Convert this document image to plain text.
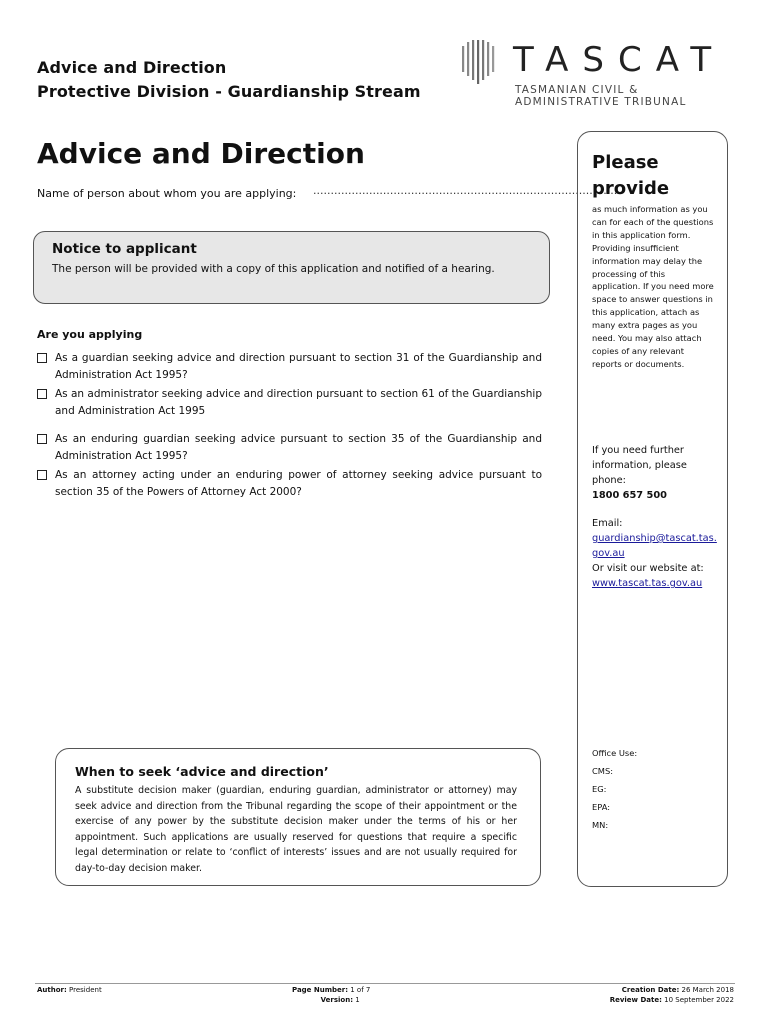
Advice and Direction
Protective Division - Guardianship Stream
TASCAT
TASMANIAN CIVIL &
ADMINISTRATIVE TRIBUNAL
Advice and Direction
Name of person about whom you are applying: ........................................................................................
Notice to applicant
The person will be provided with a copy of this application and notified of a hearing.
Are you applying
As a guardian seeking advice and direction pursuant to section 31 of the Guardianship and Administration Act 1995?
As an administrator seeking advice and direction pursuant to section 61 of the Guardianship and Administration Act 1995
As an enduring guardian seeking advice pursuant to section 35 of the Guardianship and Administration Act 1995?
As an attorney acting under an enduring power of attorney seeking advice pursuant to section 35 of the Powers of Attorney Act 2000?
Please
provide
as much information as you can for each of the questions in this application form. Providing insufficient information may delay the processing of this application. If you need more space to answer questions in this application, attach as many extra pages as you need. You may also attach copies of any relevant reports or documents.
If you need further information, please phone:
1800 657 500
Email:
guardianship@tascat.tas.gov.au
Or visit our website at:
www.tascat.tas.gov.au
Office Use:
CMS:
EG:
EPA:
MN:
When to seek ‘advice and direction’
A substitute decision maker (guardian, enduring guardian, administrator or attorney) may seek advice and direction from the Tribunal regarding the scope of their appointment or the exercise of any power by the substitute decision maker under the terms of his or her appointment. Such applications are usually reserved for questions that require a specific legal determination or relate to ‘conflict of interests’ issues and are not usually required for day-to-day decision maker.
Author: President	Page Number: 1 of 7
Version: 1
Creation Date: 26 March 2018
Review Date: 10 September 2022
